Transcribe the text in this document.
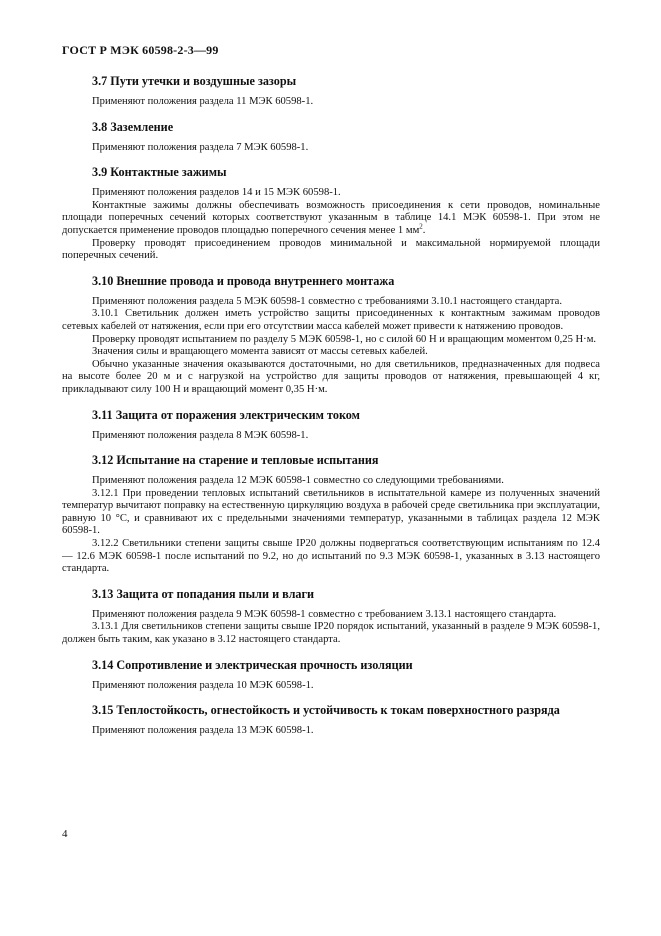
ГОСТ Р МЭК 60598-2-3—99
3.7 Пути утечки и воздушные зазоры

Применяют положения раздела 11 МЭК 60598-1.

3.8 Заземление

Применяют положения раздела 7 МЭК 60598-1.

3.9 Контактные зажимы

Применяют положения разделов 14 и 15 МЭК 60598-1.

Контактные зажимы должны обеспечивать возможность присоединения к сети проводов, номинальные площади поперечных сечений которых соответствуют указанным в таблице 14.1 МЭК 60598-1. При этом не допускается применение проводов площадью поперечного сечения менее 1 $мм^2$.

Проверку проводят присоединением проводов минимальной и максимальной нормируемой площади поперечных сечений.

3.10 Внешние провода и провода внутреннего монтажа

Применяют положения раздела 5 МЭК 60598-1 совместно с требованиями 3.10.1 настоящего стандарта.

3.10.1 Светильник должен иметь устройство защиты присоединенных к контактным зажимам проводов сетевых кабелей от натяжения, если при его отсутствии масса кабелей может привести к натяжению проводов.

Проверку проводят испытанием по разделу 5 МЭК 60598-1, но с силой 60 Н и вращающим моментом 0,25 Н·м.

Значения силы и вращающего момента зависят от массы сетевых кабелей.

Обычно указанные значения оказываются достаточными, но для светильников, предназначенных для подвеса на высоте более 20 м и с нагрузкой на устройство для защиты проводов от натяжения, превышающей 4 кг, прикладывают силу 100 Н и вращающий момент 0,35 Н·м.

3.11 Защита от поражения электрическим током

Применяют положения раздела 8 МЭК 60598-1.

3.12 Испытание на старение и тепловые испытания

Применяют положения раздела 12 МЭК 60598-1 совместно со следующими требованиями.

3.12.1 При проведении тепловых испытаний светильников в испытательной камере из полученных значений температур вычитают поправку на естественную циркуляцию воздуха в рабочей среде светильника при эксплуатации, равную 10 °С, и сравнивают их с предельными значениями температур, указанными в таблицах раздела 12 МЭК 60598-1.

3.12.2 Светильники степени защиты свыше IP20 должны подвергаться соответствующим испытаниям по 12.4 — 12.6 МЭК 60598-1 после испытаний по 9.2, но до испытаний по 9.3 МЭК 60598-1, указанных в 3.13 настоящего стандарта.

3.13 Защита от попадания пыли и влаги

Применяют положения раздела 9 МЭК 60598-1 совместно с требованием 3.13.1 настоящего стандарта.

3.13.1 Для светильников степени защиты свыше IP20 порядок испытаний, указанный в разделе 9 МЭК 60598-1, должен быть таким, как указано в 3.12 настоящего стандарта.

3.14 Сопротивление и электрическая прочность изоляции

Применяют положения раздела 10 МЭК 60598-1.

3.15 Теплостойкость, огнестойкость и устойчивость к токам поверхностного разряда

Применяют положения раздела 13 МЭК 60598-1.

4
